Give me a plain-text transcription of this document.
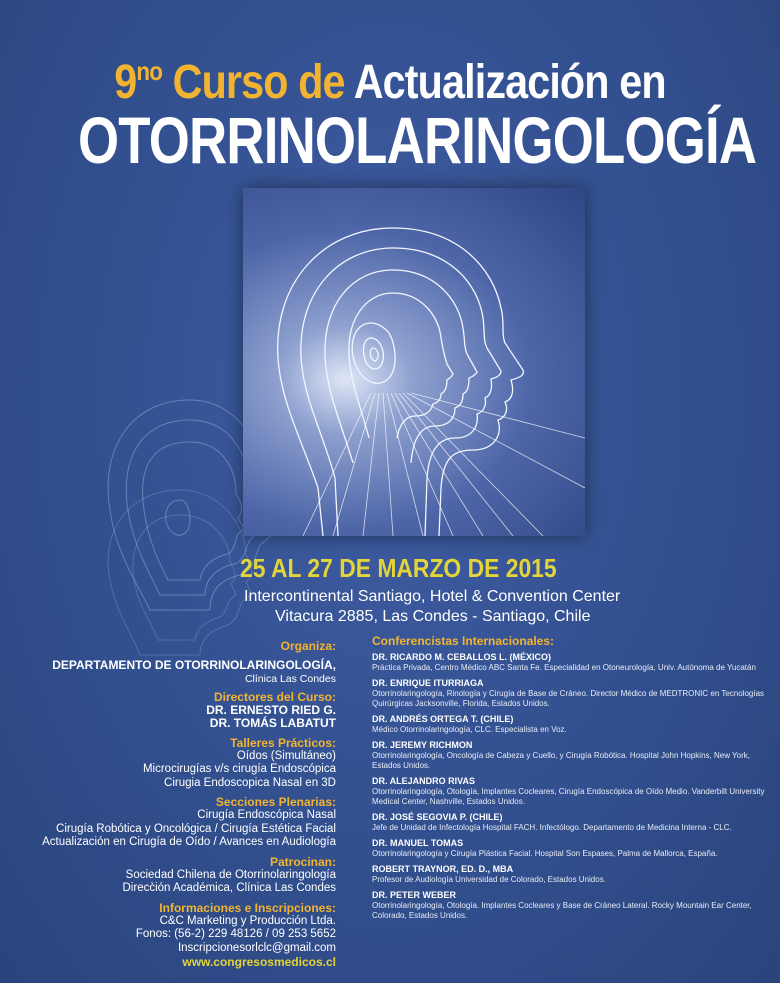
$9^{no}$ Curso de Actualización en
OTORRINOLARINGOLOGÍA
25 AL 27 DE MARZO DE 2015
Intercontinental Santiago, Hotel & Convention Center
Vitacura 2885, Las Condes - Santiago, Chile
Organiza:
DEPARTAMENTO DE OTORRINOLARINGOLOGÍA,
Clínica Las Condes
Directores del Curso:
DR. ERNESTO RIED G.
DR. TOMÁS LABATUT
Talleres Prácticos:
Oídos (Simultáneo)
Microcirugías v/s cirugía Endoscópica
Cirugia Endoscopica Nasal en 3D
Secciones Plenarias:
Cirugía Endoscópica Nasal
Cirugía Robótica y Oncológica / Cirugía Estética Facial
Actualización en Cirugía de Oído / Avances en Audiología
Patrocinan:
Sociedad Chilena de Otorrinolaringología
Direcc̀ión Académica, Clínica Las Condes
Informaciones e Inscripciones:
C&C Marketing y Producción Ltda.
Fonos: (56-2) 229 48126 / 09 253 5652
Inscripcionesorlclc@gmail.com
www.congresosmedicos.cl
Conferencistas Internacionales:
DR. RICARDO M. CEBALLOS L. (MÉXICO)
Práctica Privada, Centro Médico ABC Santa Fe. Especialidad en Otoneurología, Univ. Autónoma de Yucatán
DR. ENRIQUE ITURRIAGA
Otorrinolaringología, Rinología y Cirugía de Base de Cráneo. Director Médico de MEDTRONIC en Tecnologías Quirúrgicas Jacksonville, Florida, Estados Unidos.
DR. ANDRÉS ORTEGA T. (CHILE)
Médico Otorrinolaringología, CLC. Especialista en Voz.
DR. JEREMY RICHMON
Otorrinolaringología, Oncología de Cabeza y Cuello, y Cirugía Robótica. Hospital John Hopkins, New York, Estados Unidos.
DR. ALEJANDRO RIVAS
Otorrinolaringología, Otología, Implantes Cocleares, Cirugía Endoscópica de Oído Medio. Vanderbilt University Medical Center, Nashville, Estados Unidos.
DR. JOSÉ SEGOVIA P. (CHILE)
Jefe de Unidad de Infectología Hospital FACH. Infectólogo. Departamento de Medicina Interna - CLC.
DR. MANUEL TOMAS
Otorrinolaringología y Cirugía Plástica Facial. Hospital Son Espases, Palma de Mallorca, España.
ROBERT TRAYNOR, ED. D., MBA
Profesor de Audiología Universidad de Colorado, Estados Unidos.
DR. PETER WEBER
Otorrinolaringología, Otología. Implantes Cocleares y Base de Cráneo Lateral. Rocky Mountain Ear Center, Colorado, Estados Unidos.
